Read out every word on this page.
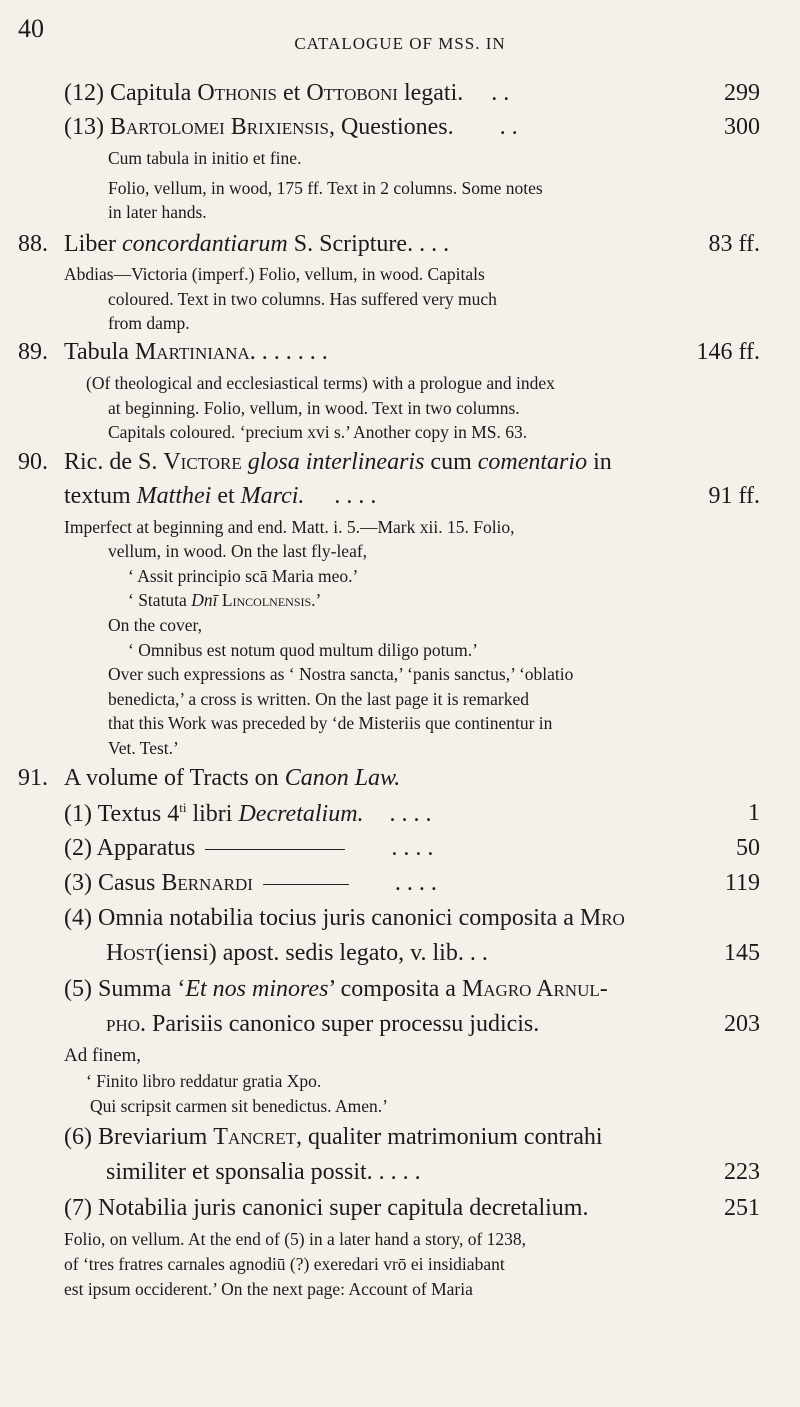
40
CATALOGUE OF MSS. IN
(12) Capitula Othonis et Ottoboni legati. . .	299
(13) Bartolomei Brixiensis, Questiones. . .	300
Cum tabula in initio et fine.
Folio, vellum, in wood, 175 ff. Text in 2 columns. Some notes
in later hands.
88. Liber concordantiarum S. Scripture. . . .	83 ff.
Abdias—Victoria (imperf.) Folio, vellum, in wood. Capitals
coloured. Text in two columns. Has suffered very much
from damp.
89. Tabula Martiniana. . . . . . .	146 ff.
(Of theological and ecclesiastical terms) with a prologue and index
at beginning. Folio, vellum, in wood. Text in two columns.
Capitals coloured. ‘precium xvi s.’ Another copy in MS. 63.
90. Ric. de S. Victore glosa interlinearis cum comentario in
textum Matthei et Marci. . . . .	91 ff.
Imperfect at beginning and end. Matt. i. 5.—Mark xii. 15. Folio,
vellum, in wood. On the last fly-leaf,
‘ Assit principio scā Maria meo.’
‘ Statuta Dnī Lincolnensis.’
On the cover,
‘ Omnibus est notum quod multum diligo potum.’
Over such expressions as ‘ Nostra sancta,’ ‘panis sanctus,’ ‘oblatio
benedicta,’ a cross is written. On the last page it is remarked
that this Work was preceded by ‘de Misteriis que continentur in
Vet. Test.’
91. A volume of Tracts on Canon Law.
(1) Textus $4^{ti}$ libri Decretalium. . . . .	1
(2) Apparatus	. . . .	50
(3) Casus Bernardi	. . . .	119
(4) Omnia notabilia tocius juris canonici composita a Mro
Host(iensi) apost. sedis legato, v. lib. . .	145
(5) Summa ‘Et nos minores’ composita a Magro Arnul-
pho. Parisiis canonico super processu judicis.	203
Ad finem,
‘ Finito libro reddatur gratia Xpo.
Qui scripsit carmen sit benedictus. Amen.’
(6) Breviarium Tancret, qualiter matrimonium contrahi
similiter et sponsalia possit. . . . .	223
(7) Notabilia juris canonici super capitula decretalium.	251
Folio, on vellum. At the end of (5) in a later hand a story, of 1238,
of ‘tres fratres carnales agnodiū (?) exeredari vrō ei insidiabant
est ipsum occiderent.’ On the next page: Account of Maria
